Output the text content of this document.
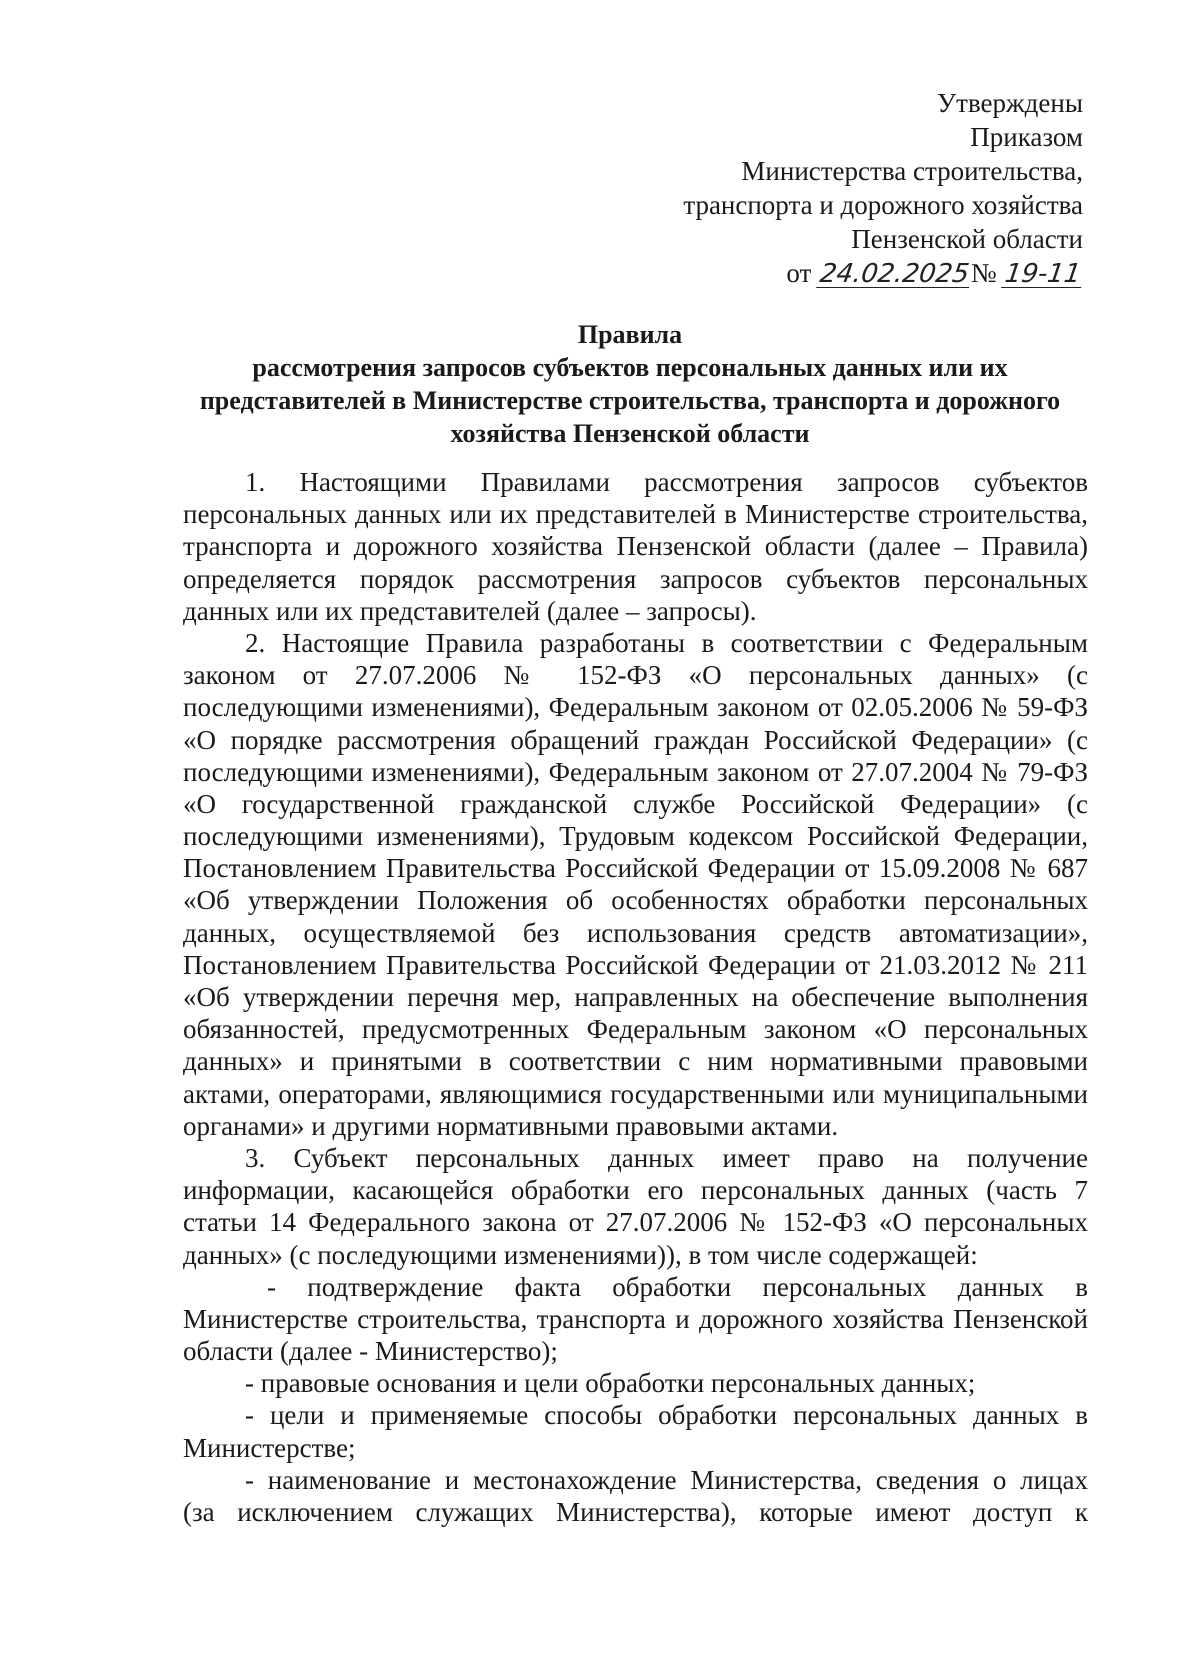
Утверждены
Приказом
Министерства строительства,
транспорта и дорожного хозяйства
Пензенской области
от 24.02.2025№ 19-11
Правила
рассмотрения запросов субъектов персональных данных или их
представителей в Министерстве строительства, транспорта и дорожного
хозяйства Пензенской области
1. Настоящими Правилами рассмотрения запросов субъектов
персональных данных или их представителей в Министерстве строительства,
транспорта и дорожного хозяйства Пензенской области (далее – Правила)
определяется порядок рассмотрения запросов субъектов персональных
данных или их представителей (далее – запросы).
2. Настоящие Правила разработаны в соответствии с Федеральным
законом от 27.07.2006 № 152-ФЗ «О персональных данных» (с
последующими изменениями), Федеральным законом от 02.05.2006 № 59-ФЗ
«О порядке рассмотрения обращений граждан Российской Федерации» (с
последующими изменениями), Федеральным законом от 27.07.2004 № 79-ФЗ
«О государственной гражданской службе Российской Федерации» (с
последующими изменениями), Трудовым кодексом Российской Федерации,
Постановлением Правительства Российской Федерации от 15.09.2008 № 687
«Об утверждении Положения об особенностях обработки персональных
данных, осуществляемой без использования средств автоматизации»,
Постановлением Правительства Российской Федерации от 21.03.2012 № 211
«Об утверждении перечня мер, направленных на обеспечение выполнения
обязанностей, предусмотренных Федеральным законом «О персональных
данных» и принятыми в соответствии с ним нормативными правовыми
актами, операторами, являющимися государственными или муниципальными
органами» и другими нормативными правовыми актами.
3. Субъект персональных данных имеет право на получение
информации, касающейся обработки его персональных данных (часть 7
статьи 14 Федерального закона от 27.07.2006 № 152-ФЗ «О персональных
данных» (с последующими изменениями)), в том числе содержащей:
- подтверждение факта обработки персональных данных в
Министерстве строительства, транспорта и дорожного хозяйства Пензенской
области (далее - Министерство);
- правовые основания и цели обработки персональных данных;
- цели и применяемые способы обработки персональных данных в
Министерстве;
- наименование и местонахождение Министерства, сведения о лицах
(за исключением служащих Министерства), которые имеют доступ к
